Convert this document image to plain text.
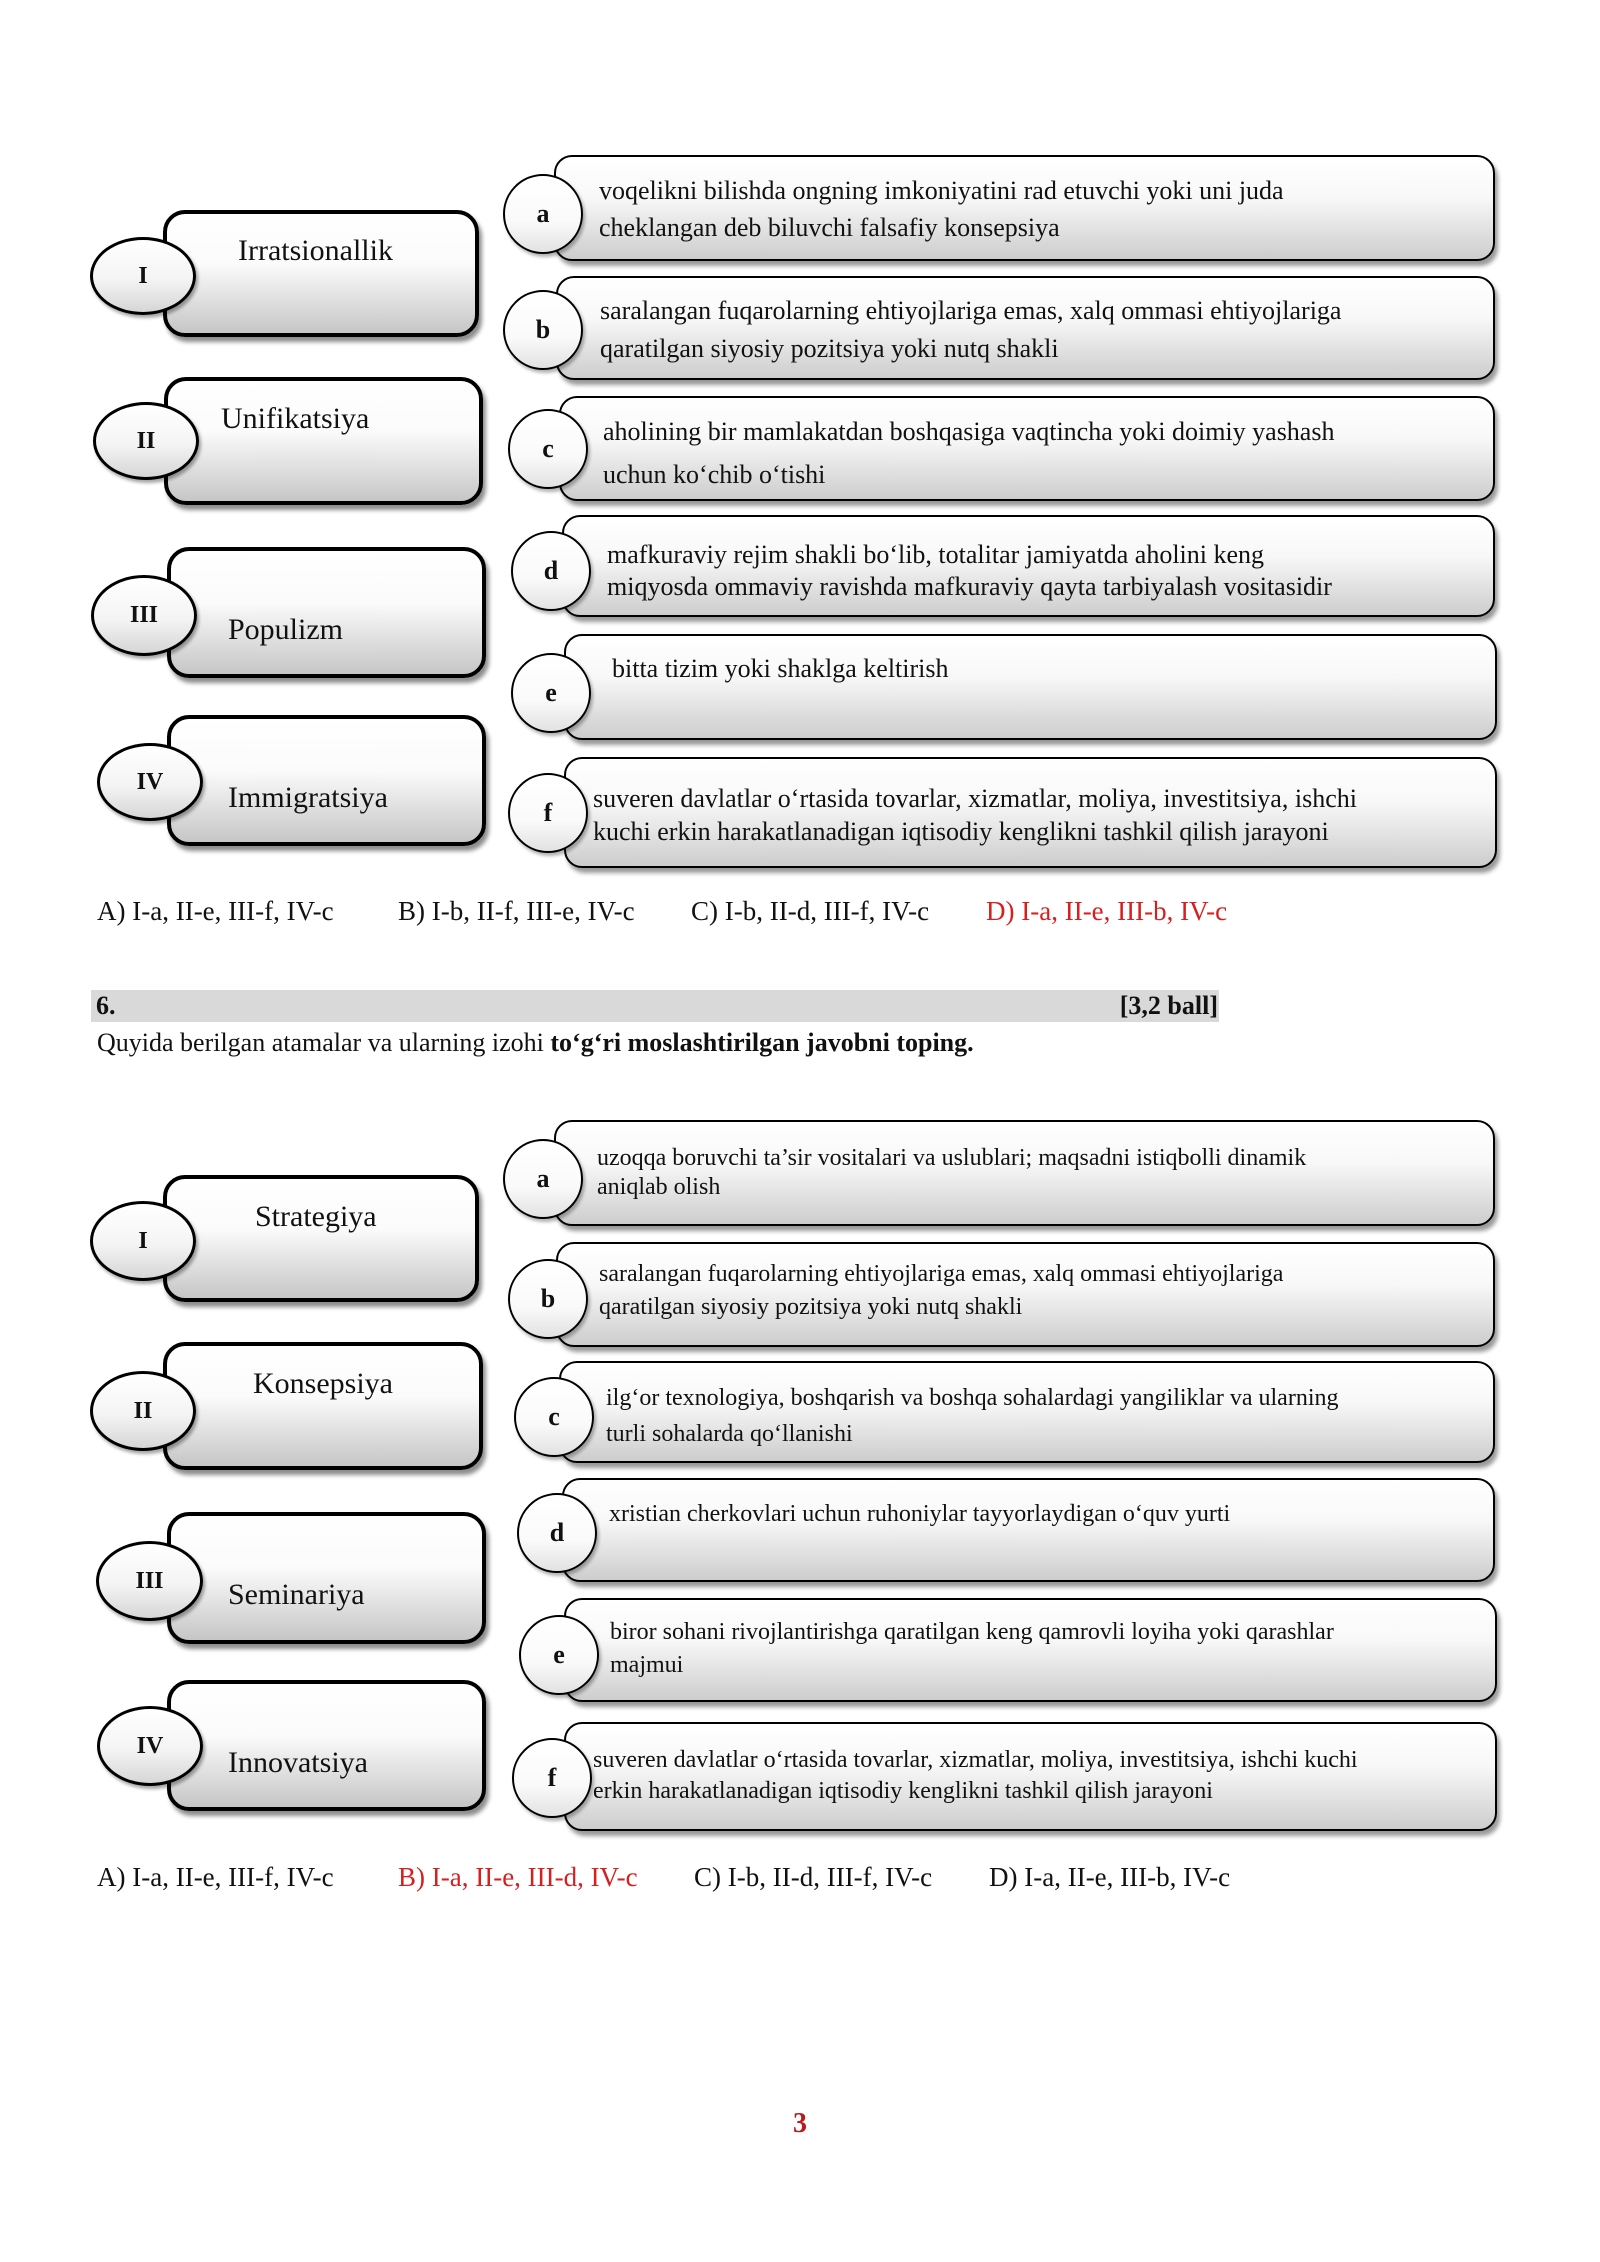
Irratsionallik
I
Unifikatsiya
II
Populizm
III
Immigratsiya
IV
voqelikni bilishda ongning imkoniyatini rad etuvchi yoki uni juda
cheklangan deb biluvchi falsafiy konsepsiya
a
saralangan fuqarolarning ehtiyojlariga emas, xalq ommasi ehtiyojlariga
qaratilgan siyosiy pozitsiya yoki nutq shakli
b
aholining bir mamlakatdan boshqasiga vaqtincha yoki doimiy yashash
uchun ko‘chib o‘tishi
c
mafkuraviy rejim shakli bo‘lib, totalitar jamiyatda aholini keng
miqyosda ommaviy ravishda mafkuraviy qayta tarbiyalash vositasidir
d
bitta tizim yoki shaklga keltirish
e
suveren davlatlar o‘rtasida tovarlar, xizmatlar, moliya, investitsiya, ishchi
kuchi erkin harakatlanadigan iqtisodiy kenglikni tashkil qilish jarayoni
f
A) I-a, II-e, III-f, IV-c B) I-b, II-f, III-e, IV-c C) I-b, II-d, III-f, IV-c D) I-a, II-e, III-b, IV-c
6.	[3,2 ball]
Quyida berilgan atamalar va ularning izohi to‘g‘ri moslashtirilgan javobni toping.
Strategiya
I
Konsepsiya
II
Seminariya
III
Innovatsiya
IV
uzoqqa boruvchi ta’sir vositalari va uslublari; maqsadni istiqbolli dinamik
aniqlab olish
a
saralangan fuqarolarning ehtiyojlariga emas, xalq ommasi ehtiyojlariga
qaratilgan siyosiy pozitsiya yoki nutq shakli
b
ilg‘or texnologiya, boshqarish va boshqa sohalardagi yangiliklar va ularning
turli sohalarda qo‘llanishi
c
xristian cherkovlari uchun ruhoniylar tayyorlaydigan o‘quv yurti
d
biror sohani rivojlantirishga qaratilgan keng qamrovli loyiha yoki qarashlar
majmui
e
suveren davlatlar o‘rtasida tovarlar, xizmatlar, moliya, investitsiya, ishchi kuchi
erkin harakatlanadigan iqtisodiy kenglikni tashkil qilish jarayoni
f
A) I-a, II-e, III-f, IV-c B) I-a, II-e, III-d, IV-c C) I-b, II-d, III-f, IV-c D) I-a, II-e, III-b, IV-c
3
